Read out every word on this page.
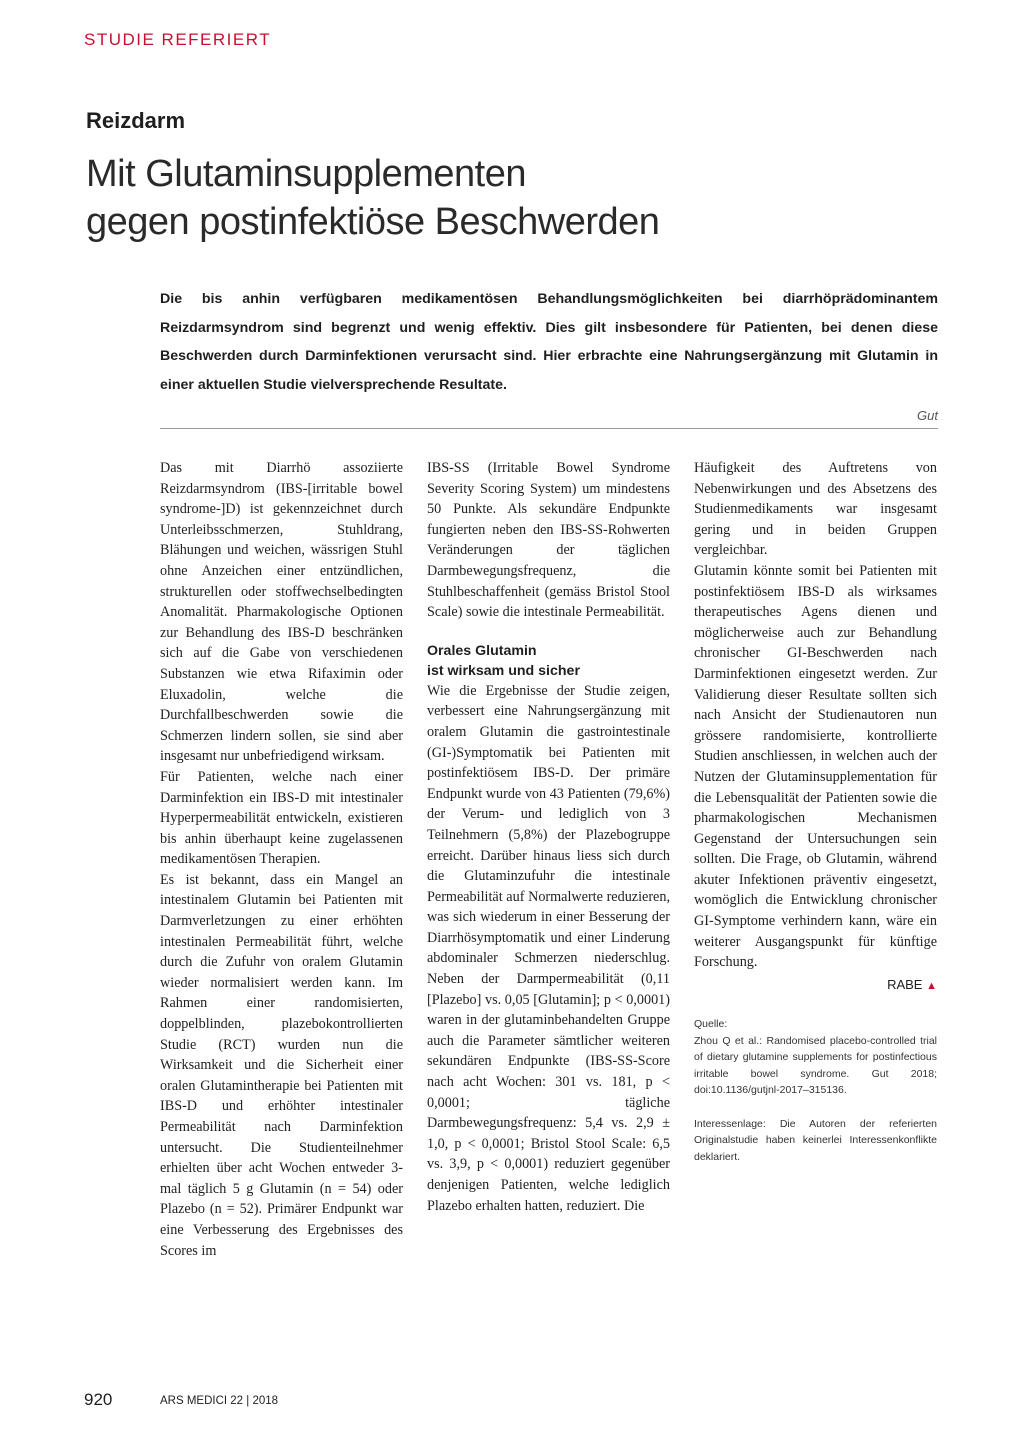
STUDIE REFERIERT
Reizdarm
Mit Glutaminsupplementen
gegen postinfektiöse Beschwerden

Die bis anhin verfügbaren medikamentösen Behandlungsmöglichkeiten bei diarrhöprädominantem Reizdarmsyndrom sind begrenzt und wenig effektiv. Dies gilt insbesondere für Patienten, bei denen diese Beschwerden durch Darminfektionen verursacht sind. Hier erbrachte eine Nahrungsergänzung mit Glutamin in einer aktuellen Studie vielversprechende Resultate.

Gut

Das mit Diarrhö assoziierte Reizdarmsyndrom (IBS-[irritable bowel syndrome-]D) ist gekennzeichnet durch Unterleibsschmerzen, Stuhldrang, Blähungen und weichen, wässrigen Stuhl ohne Anzeichen einer entzündlichen, strukturellen oder stoffwechselbedingten Anomalität. Pharmakologische Optionen zur Behandlung des IBS-D beschränken sich auf die Gabe von verschiedenen Substanzen wie etwa Rifaximin oder Eluxadolin, welche die Durchfallbeschwerden sowie die Schmerzen lindern sollen, sie sind aber insgesamt nur unbefriedigend wirksam.

Für Patienten, welche nach einer Darminfektion ein IBS-D mit intestinaler Hyperpermeabilität entwickeln, existieren bis anhin überhaupt keine zugelassenen medikamentösen Therapien.

Es ist bekannt, dass ein Mangel an intestinalem Glutamin bei Patienten mit Darmverletzungen zu einer erhöhten intestinalen Permeabilität führt, welche durch die Zufuhr von oralem Glutamin wieder normalisiert werden kann. Im Rahmen einer randomisierten, doppelblinden, plazebokontrollierten Studie (RCT) wurden nun die Wirksamkeit und die Sicherheit einer oralen Glutamintherapie bei Patienten mit IBS-D und erhöhter intestinaler Permeabilität nach Darminfektion untersucht. Die Studienteilnehmer erhielten über acht Wochen entweder 3-mal täglich 5 g Glutamin (n = 54) oder Plazebo (n = 52). Primärer Endpunkt war eine Verbesserung des Ergebnisses des Scores im

IBS-SS (Irritable Bowel Syndrome Severity Scoring System) um mindestens 50 Punkte. Als sekundäre Endpunkte fungierten neben den IBS-SS-Rohwerten Veränderungen der täglichen Darmbewegungsfrequenz, die Stuhlbeschaffenheit (gemäss Bristol Stool Scale) sowie die intestinale Permeabilität.

Orales Glutamin
ist wirksam und sicher

Wie die Ergebnisse der Studie zeigen, verbessert eine Nahrungsergänzung mit oralem Glutamin die gastrointestinale (GI-)Symptomatik bei Patienten mit postinfektiösem IBS-D. Der primäre Endpunkt wurde von 43 Patienten (79,6%) der Verum- und lediglich von 3 Teilnehmern (5,8%) der Plazebogruppe erreicht. Darüber hinaus liess sich durch die Glutaminzufuhr die intestinale Permeabilität auf Normalwerte reduzieren, was sich wiederum in einer Besserung der Diarrhösymptomatik und einer Linderung abdominaler Schmerzen niederschlug. Neben der Darmpermeabilität (0,11 [Plazebo] vs. 0,05 [Glutamin]; p < 0,0001) waren in der glutaminbehandelten Gruppe auch die Parameter sämtlicher weiteren sekundären Endpunkte (IBS-SS-Score nach acht Wochen: 301 vs. 181, p < 0,0001; tägliche Darmbewegungsfrequenz: 5,4 vs. 2,9 ± 1,0, p < 0,0001; Bristol Stool Scale: 6,5 vs. 3,9, p < 0,0001) reduziert gegenüber denjenigen Patienten, welche lediglich Plazebo erhalten hatten, reduziert. Die

Häufigkeit des Auftretens von Nebenwirkungen und des Absetzens des Studienmedikaments war insgesamt gering und in beiden Gruppen vergleichbar.

Glutamin könnte somit bei Patienten mit postinfektiösem IBS-D als wirksames therapeutisches Agens dienen und möglicherweise auch zur Behandlung chronischer GI-Beschwerden nach Darminfektionen eingesetzt werden. Zur Validierung dieser Resultate sollten sich nach Ansicht der Studienautoren nun grössere randomisierte, kontrollierte Studien anschliessen, in welchen auch der Nutzen der Glutaminsupplementation für die Lebensqualität der Patienten sowie die pharmakologischen Mechanismen Gegenstand der Untersuchungen sein sollten. Die Frage, ob Glutamin, während akuter Infektionen präventiv eingesetzt, womöglich die Entwicklung chronischer GI-Symptome verhindern kann, wäre ein weiterer Ausgangspunkt für künftige Forschung.

RABE ▲
Quelle:
Zhou Q et al.: Randomised placebo-controlled trial of dietary glutamine supplements for postinfectious irritable bowel syndrome. Gut 2018; doi:10.1136/gutjnl-2017–315136.
Interessenlage: Die Autoren der referierten Originalstudie haben keinerlei Interessenkonflikte deklariert.
920	ARS MEDICI 22 | 2018
